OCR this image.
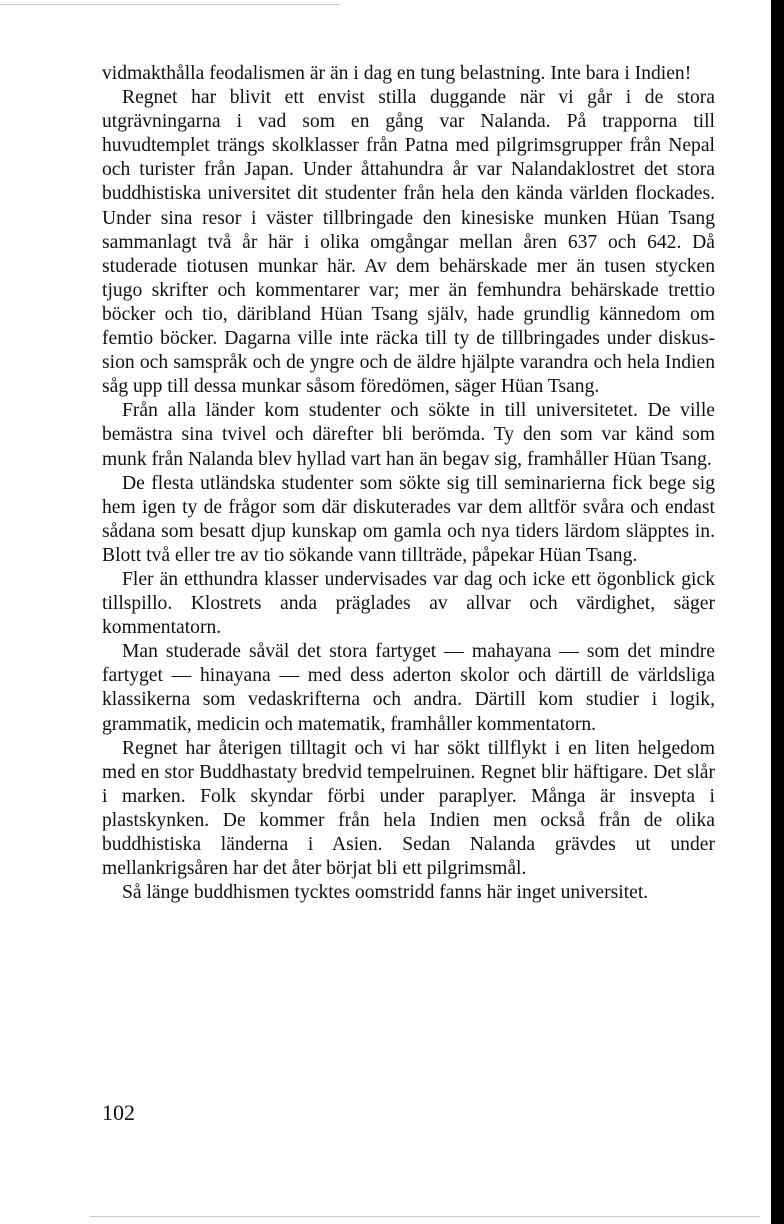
vidmakthålla feodalismen är än i dag en tung belastning. Inte bara i Indien!

Regnet har blivit ett envist stilla duggande när vi går i de stora utgrävningarna i vad som en gång var Nalanda. På trapporna till huvudtemplet trängs skolklasser från Patna med pilgrimsgrupper från Nepal och turister från Japan. Under åttahundra år var Nalandaklostret det stora buddhistiska universitet dit studenter från hela den kända världen flockades. Under sina resor i väster tillbringade den kinesiske munken Hüan Tsang sammanlagt två år här i olika omgångar mellan åren 637 och 642. Då studerade tiotusen munkar här. Av dem behärskade mer än tusen stycken tjugo skrifter och kommentarer var; mer än femhundra behärskade trettio böcker och tio, däribland Hüan Tsang själv, hade grundlig kännedom om femtio böcker. Dagarna ville inte räcka till ty de tillbringades under diskussion och samspråk och de yngre och de äldre hjälpte varandra och hela Indien såg upp till dessa munkar såsom föredömen, säger Hüan Tsang.

Från alla länder kom studenter och sökte in till universitetet. De ville bemästra sina tvivel och därefter bli berömda. Ty den som var känd som munk från Nalanda blev hyllad vart han än begav sig, framhåller Hüan Tsang.

De flesta utländska studenter som sökte sig till seminarierna fick bege sig hem igen ty de frågor som där diskuterades var dem alltför svåra och endast sådana som besatt djup kunskap om gamla och nya tiders lärdom släpptes in. Blott två eller tre av tio sökande vann tillträde, påpekar Hüan Tsang.

Fler än etthundra klasser undervisades var dag och icke ett ögonblick gick tillspillo. Klostrets anda präglades av allvar och värdighet, säger kommentatorn.

Man studerade såväl det stora fartyget — mahayana — som det mindre fartyget — hinayana — med dess aderton skolor och därtill de världsliga klassikerna som vedaskrifterna och andra. Därtill kom studier i logik, grammatik, medicin och matematik, framhåller kommentatorn.

Regnet har återigen tilltagit och vi har sökt tillflykt i en liten helgedom med en stor Buddhastaty bredvid tempelruinen. Regnet blir häftigare. Det slår i marken. Folk skyndar förbi under paraplyer. Många är insvepta i plastskynken. De kommer från hela Indien men också från de olika buddhistiska länderna i Asien. Sedan Nalanda grävdes ut under mellankrigsåren har det åter börjat bli ett pilgrimsmål.

Så länge buddhismen tycktes oomstridd fanns här inget universitet.

102
